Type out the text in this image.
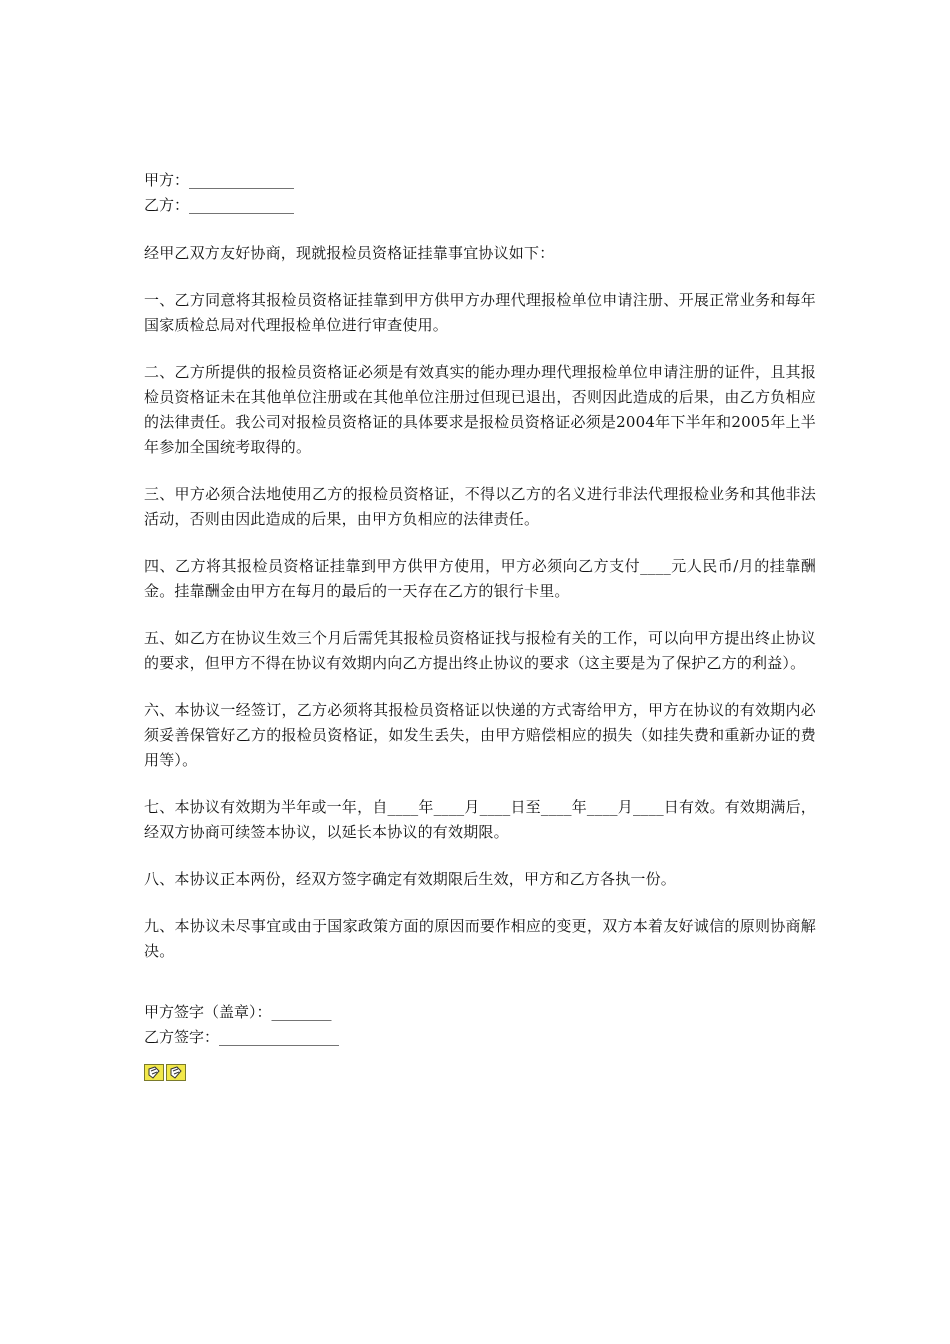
甲方：______________
乙方：______________

经甲乙双方友好协商，现就报检员资格证挂靠事宜协议如下：

一、乙方同意将其报检员资格证挂靠到甲方供甲方办理代理报检单位申请注册、开展正常业务和每年国家质检总局对代理报检单位进行审查使用。

二、乙方所提供的报检员资格证必须是有效真实的能办理办理代理报检单位申请注册的证件，且其报检员资格证未在其他单位注册或在其他单位注册过但现已退出，否则因此造成的后果，由乙方负相应的法律责任。我公司对报检员资格证的具体要求是报检员资格证必须是2004年下半年和2005年上半年参加全国统考取得的。

三、甲方必须合法地使用乙方的报检员资格证，不得以乙方的名义进行非法代理报检业务和其他非法活动，否则由因此造成的后果，由甲方负相应的法律责任。

四、乙方将其报检员资格证挂靠到甲方供甲方使用，甲方必须向乙方支付____元人民币/月的挂靠酬金。挂靠酬金由甲方在每月的最后的一天存在乙方的银行卡里。

五、如乙方在协议生效三个月后需凭其报检员资格证找与报检有关的工作，可以向甲方提出终止协议的要求，但甲方不得在协议有效期内向乙方提出终止协议的要求（这主要是为了保护乙方的利益）。

六、本协议一经签订，乙方必须将其报检员资格证以快递的方式寄给甲方，甲方在协议的有效期内必须妥善保管好乙方的报检员资格证，如发生丢失，由甲方赔偿相应的损失（如挂失费和重新办证的费用等）。

七、本协议有效期为半年或一年，自____年____月____日至____年____月____日有效。有效期满后，经双方协商可续签本协议，以延长本协议的有效期限。

八、本协议正本两份，经双方签字确定有效期限后生效，甲方和乙方各执一份。

九、本协议未尽事宜或由于国家政策方面的原因而要作相应的变更，双方本着友好诚信的原则协商解决。

甲方签字（盖章）：________
乙方签字：________________
